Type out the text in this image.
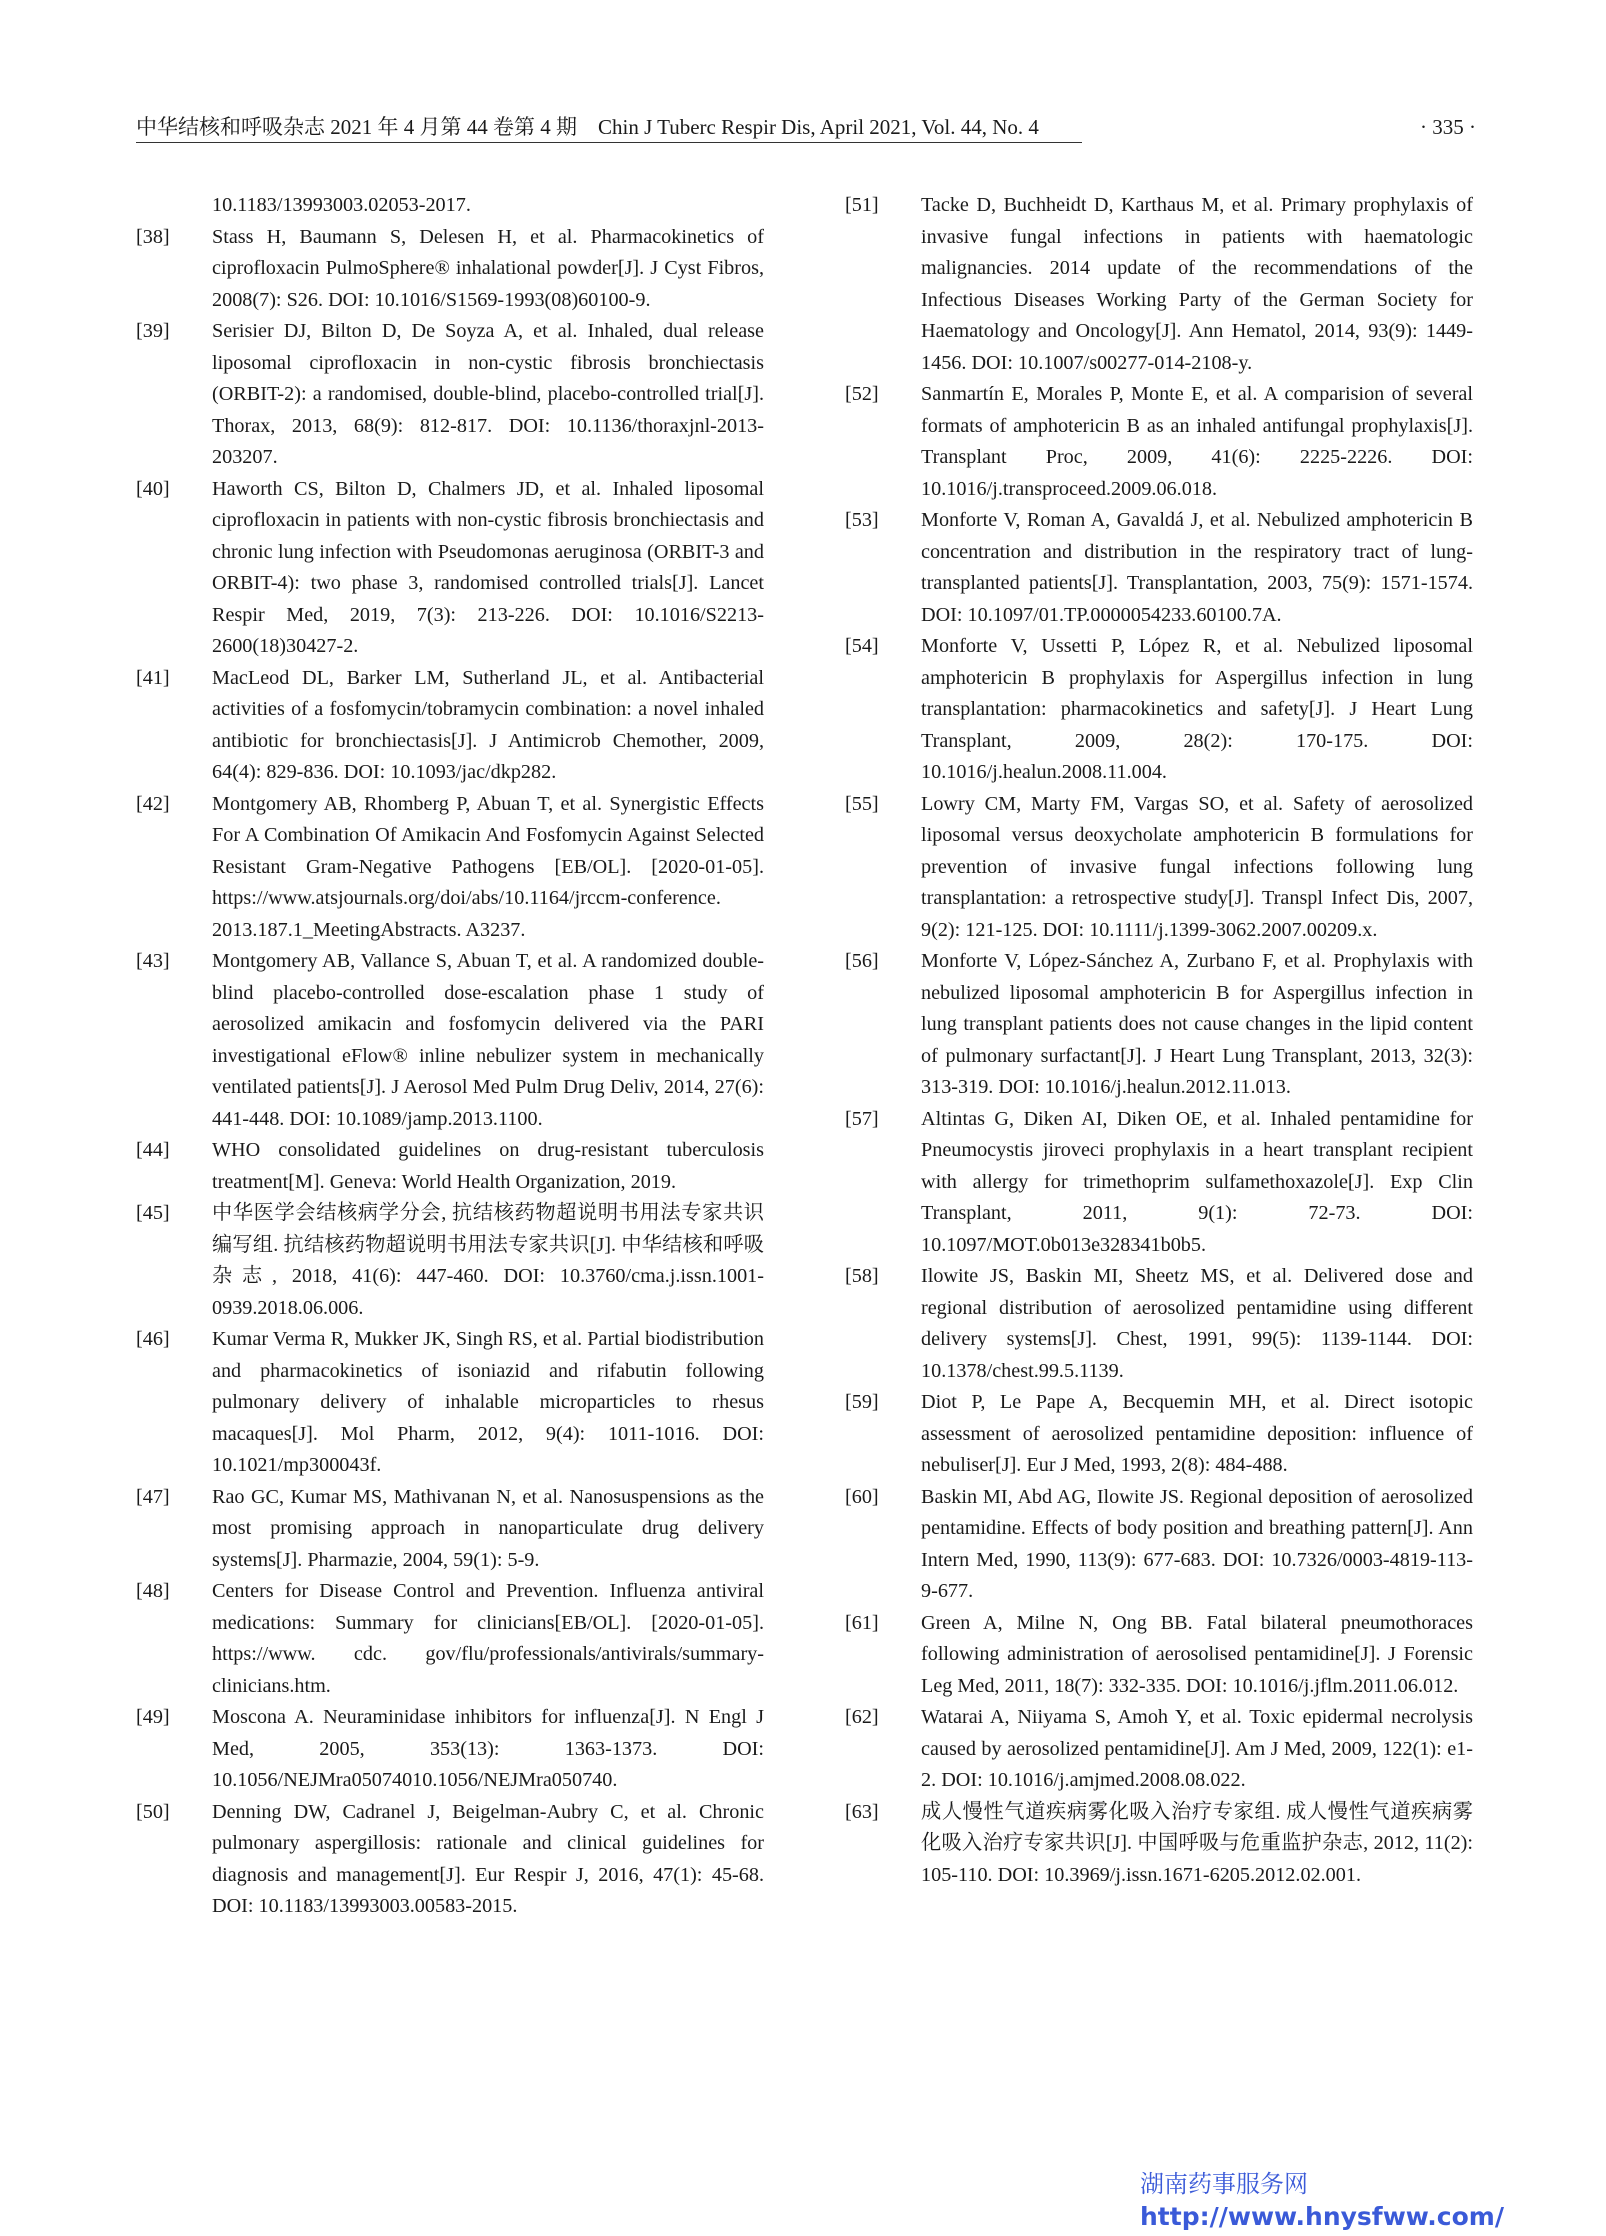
中华结核和呼吸杂志 2021 年 4 月第 44 卷第 4 期　Chin J Tuberc Respir Dis, April 2021, Vol. 44, No. 4	· 335 ·
10.1183/13993003.02053-2017.
[38]	Stass H, Baumann S, Delesen H, et al. Pharmacokinetics of ciprofloxacin PulmoSphere® inhalational powder[J]. J Cyst Fibros, 2008(7): S26. DOI: 10.1016/S1569-1993(08)60100-9.
[39]	Serisier DJ, Bilton D, De Soyza A, et al. Inhaled, dual release liposomal ciprofloxacin in non-cystic fibrosis bronchiectasis (ORBIT-2): a randomised, double-blind, placebo-controlled trial[J]. Thorax, 2013, 68(9): 812-817. DOI: 10.1136/thoraxjnl-2013-203207.
[40]	Haworth CS, Bilton D, Chalmers JD, et al. Inhaled liposomal ciprofloxacin in patients with non-cystic fibrosis bronchiectasis and chronic lung infection with Pseudomonas aeruginosa (ORBIT-3 and ORBIT-4): two phase 3, randomised controlled trials[J]. Lancet Respir Med, 2019, 7(3): 213-226. DOI: 10.1016/S2213-2600(18)30427-2.
[41]	MacLeod DL, Barker LM, Sutherland JL, et al. Antibacterial activities of a fosfomycin/tobramycin combination: a novel inhaled antibiotic for bronchiectasis[J]. J Antimicrob Chemother, 2009, 64(4): 829-836. DOI: 10.1093/jac/dkp282.
[42]	Montgomery AB, Rhomberg P, Abuan T, et al. Synergistic Effects For A Combination Of Amikacin And Fosfomycin Against Selected Resistant Gram-Negative Pathogens [EB/OL]. [2020-01-05]. https://www.atsjournals.org/doi/abs/10.1164/jrccm-conference. 2013.187.1_MeetingAbstracts. A3237.
[43]	Montgomery AB, Vallance S, Abuan T, et al. A randomized double-blind placebo-controlled dose-escalation phase 1 study of aerosolized amikacin and fosfomycin delivered via the PARI investigational eFlow® inline nebulizer system in mechanically ventilated patients[J]. J Aerosol Med Pulm Drug Deliv, 2014, 27(6): 441-448. DOI: 10.1089/jamp.2013.1100.
[44]	WHO consolidated guidelines on drug-resistant tuberculosis treatment[M]. Geneva: World Health Organization, 2019.
[45]	中华医学会结核病学分会, 抗结核药物超说明书用法专家共识编写组. 抗结核药物超说明书用法专家共识[J]. 中华结核和呼吸杂志, 2018, 41(6): 447-460. DOI: 10.3760/cma.j.issn.1001-0939.2018.06.006.
[46]	Kumar Verma R, Mukker JK, Singh RS, et al. Partial biodistribution and pharmacokinetics of isoniazid and rifabutin following pulmonary delivery of inhalable microparticles to rhesus macaques[J]. Mol Pharm, 2012, 9(4): 1011-1016. DOI: 10.1021/mp300043f.
[47]	Rao GC, Kumar MS, Mathivanan N, et al. Nanosuspensions as the most promising approach in nanoparticulate drug delivery systems[J]. Pharmazie, 2004, 59(1): 5-9.
[48]	Centers for Disease Control and Prevention. Influenza antiviral medications: Summary for clinicians[EB/OL]. [2020-01-05]. https://www. cdc. gov/flu/professionals/antivirals/summary-clinicians.htm.
[49]	Moscona A. Neuraminidase inhibitors for influenza[J]. N Engl J Med, 2005, 353(13): 1363-1373. DOI: 10.1056/NEJMra05074010.1056/NEJMra050740.
[50]	Denning DW, Cadranel J, Beigelman-Aubry C, et al. Chronic pulmonary aspergillosis: rationale and clinical guidelines for diagnosis and management[J]. Eur Respir J, 2016, 47(1): 45-68. DOI: 10.1183/13993003.00583-2015.
[51]	Tacke D, Buchheidt D, Karthaus M, et al. Primary prophylaxis of invasive fungal infections in patients with haematologic malignancies. 2014 update of the recommendations of the Infectious Diseases Working Party of the German Society for Haematology and Oncology[J]. Ann Hematol, 2014, 93(9): 1449-1456. DOI: 10.1007/s00277-014-2108-y.
[52]	Sanmartín E, Morales P, Monte E, et al. A comparision of several formats of amphotericin B as an inhaled antifungal prophylaxis[J]. Transplant Proc, 2009, 41(6): 2225-2226. DOI: 10.1016/j.transproceed.2009.06.018.
[53]	Monforte V, Roman A, Gavaldá J, et al. Nebulized amphotericin B concentration and distribution in the respiratory tract of lung-transplanted patients[J]. Transplantation, 2003, 75(9): 1571-1574. DOI: 10.1097/01.TP.0000054233.60100.7A.
[54]	Monforte V, Ussetti P, López R, et al. Nebulized liposomal amphotericin B prophylaxis for Aspergillus infection in lung transplantation: pharmacokinetics and safety[J]. J Heart Lung Transplant, 2009, 28(2): 170-175. DOI: 10.1016/j.healun.2008.11.004.
[55]	Lowry CM, Marty FM, Vargas SO, et al. Safety of aerosolized liposomal versus deoxycholate amphotericin B formulations for prevention of invasive fungal infections following lung transplantation: a retrospective study[J]. Transpl Infect Dis, 2007, 9(2): 121-125. DOI: 10.1111/j.1399-3062.2007.00209.x.
[56]	Monforte V, López-Sánchez A, Zurbano F, et al. Prophylaxis with nebulized liposomal amphotericin B for Aspergillus infection in lung transplant patients does not cause changes in the lipid content of pulmonary surfactant[J]. J Heart Lung Transplant, 2013, 32(3): 313-319. DOI: 10.1016/j.healun.2012.11.013.
[57]	Altintas G, Diken AI, Diken OE, et al. Inhaled pentamidine for Pneumocystis jiroveci prophylaxis in a heart transplant recipient with allergy for trimethoprim sulfamethoxazole[J]. Exp Clin Transplant, 2011, 9(1): 72-73. DOI: 10.1097/MOT.0b013e328341b0b5.
[58]	Ilowite JS, Baskin MI, Sheetz MS, et al. Delivered dose and regional distribution of aerosolized pentamidine using different delivery systems[J]. Chest, 1991, 99(5): 1139-1144. DOI: 10.1378/chest.99.5.1139.
[59]	Diot P, Le Pape A, Becquemin MH, et al. Direct isotopic assessment of aerosolized pentamidine deposition: influence of nebuliser[J]. Eur J Med, 1993, 2(8): 484-488.
[60]	Baskin MI, Abd AG, Ilowite JS. Regional deposition of aerosolized pentamidine. Effects of body position and breathing pattern[J]. Ann Intern Med, 1990, 113(9): 677-683. DOI: 10.7326/0003-4819-113-9-677.
[61]	Green A, Milne N, Ong BB. Fatal bilateral pneumothoraces following administration of aerosolised pentamidine[J]. J Forensic Leg Med, 2011, 18(7): 332-335. DOI: 10.1016/j.jflm.2011.06.012.
[62]	Watarai A, Niiyama S, Amoh Y, et al. Toxic epidermal necrolysis caused by aerosolized pentamidine[J]. Am J Med, 2009, 122(1): e1-2. DOI: 10.1016/j.amjmed.2008.08.022.
[63]	成人慢性气道疾病雾化吸入治疗专家组. 成人慢性气道疾病雾化吸入治疗专家共识[J]. 中国呼吸与危重监护杂志, 2012, 11(2): 105-110. DOI: 10.3969/j.issn.1671-6205.2012.02.001.
湖南药事服务网
http://www.hnysfww.com/
